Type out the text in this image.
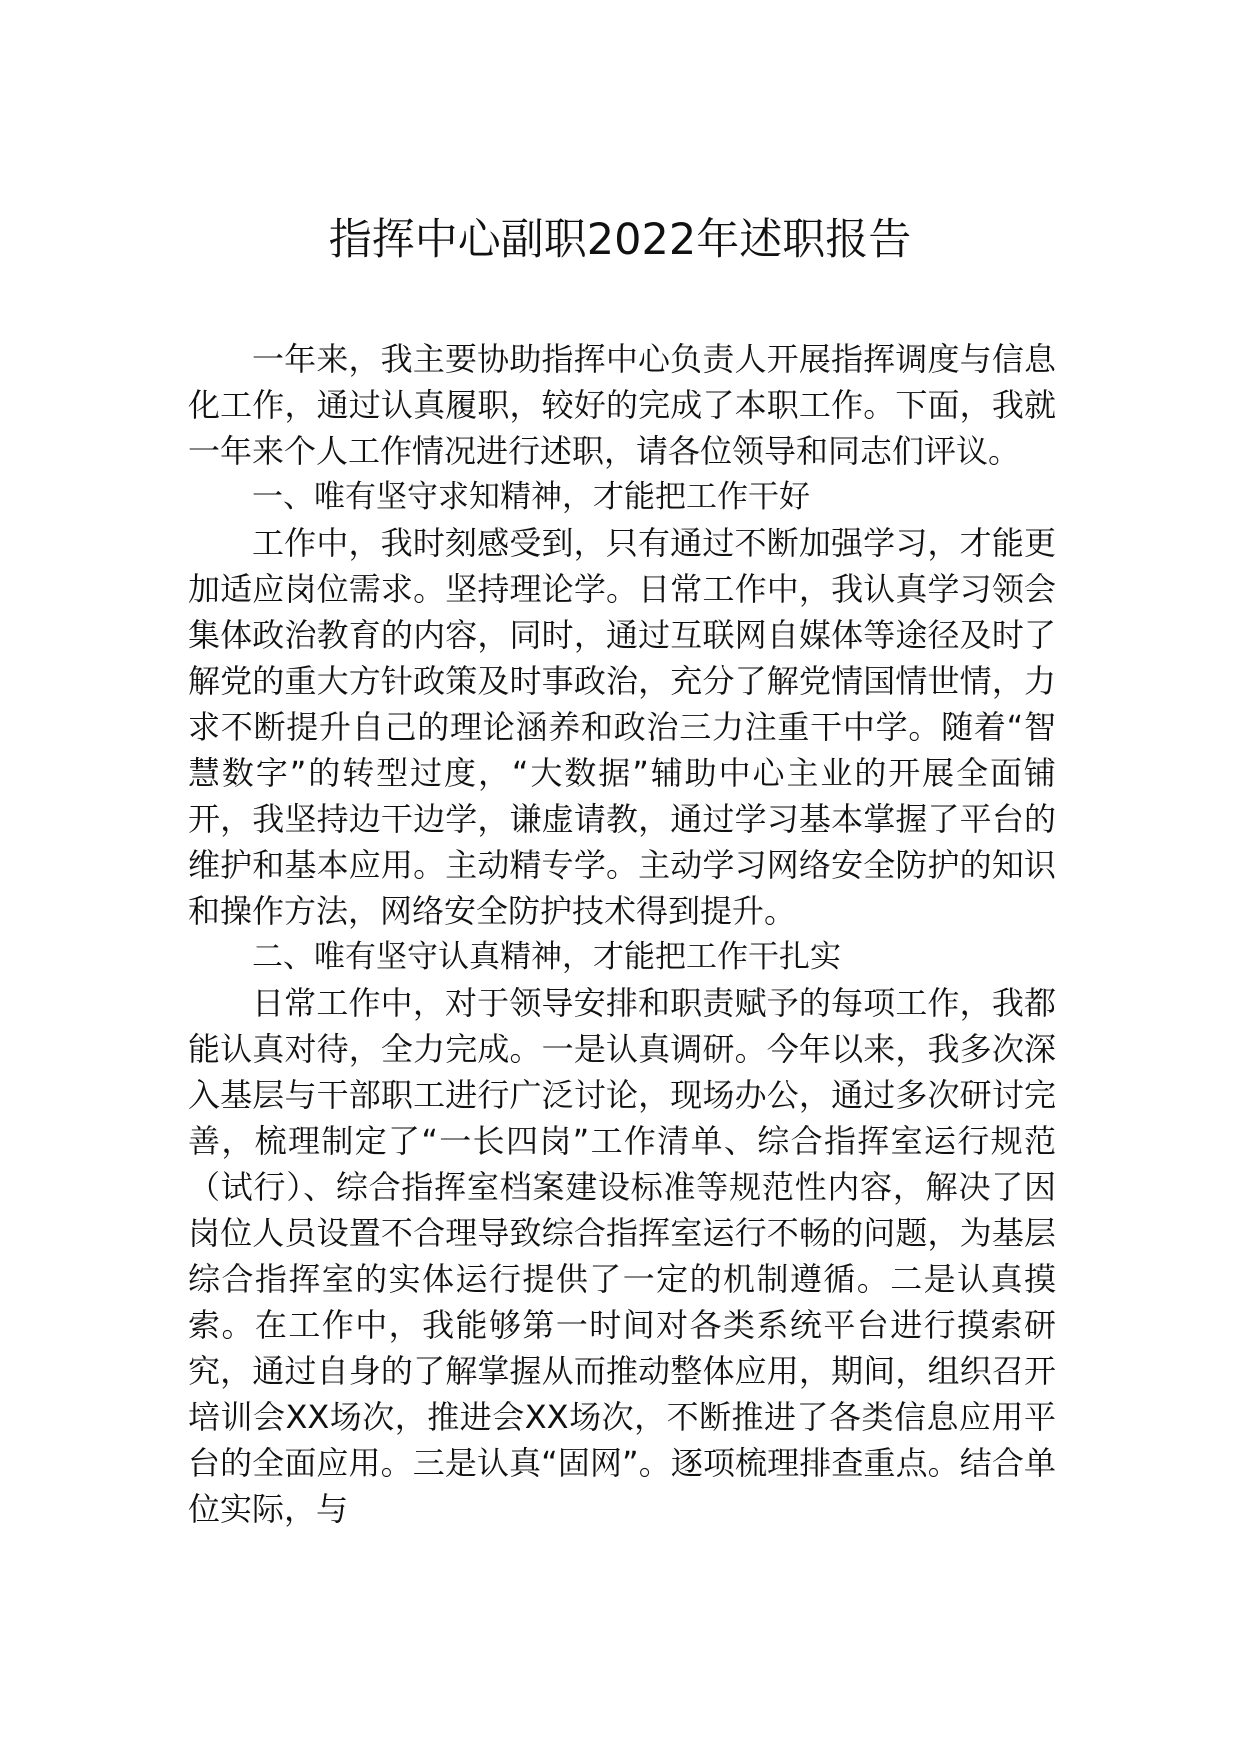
指挥中心副职2022年述职报告

一年来，我主要协助指挥中心负责人开展指挥调度与信息化工作，通过认真履职，较好的完成了本职工作。下面，我就一年来个人工作情况进行述职，请各位领导和同志们评议。

一、唯有坚守求知精神，才能把工作干好

工作中，我时刻感受到，只有通过不断加强学习，才能更加适应岗位需求。坚持理论学。日常工作中，我认真学习领会集体政治教育的内容，同时，通过互联网自媒体等途径及时了解党的重大方针政策及时事政治，充分了解党情国情世情，力求不断提升自己的理论涵养和政治三力注重干中学。随着“智慧数字”的转型过度，“大数据”辅助中心主业的开展全面铺开，我坚持边干边学，谦虚请教，通过学习基本掌握了平台的维护和基本应用。主动精专学。主动学习网络安全防护的知识和操作方法，网络安全防护技术得到提升。

二、唯有坚守认真精神，才能把工作干扎实

日常工作中，对于领导安排和职责赋予的每项工作，我都能认真对待，全力完成。一是认真调研。今年以来，我多次深入基层与干部职工进行广泛讨论，现场办公，通过多次研讨完善，梳理制定了“一长四岗”工作清单、综合指挥室运行规范（试行）、综合指挥室档案建设标准等规范性内容，解决了因岗位人员设置不合理导致综合指挥室运行不畅的问题，为基层综合指挥室的实体运行提供了一定的机制遵循。二是认真摸索。在工作中，我能够第一时间对各类系统平台进行摸索研究，通过自身的了解掌握从而推动整体应用，期间，组织召开培训会XX场次，推进会XX场次，不断推进了各类信息应用平台的全面应用。三是认真“固网”。逐项梳理排查重点。结合单位实际，与
